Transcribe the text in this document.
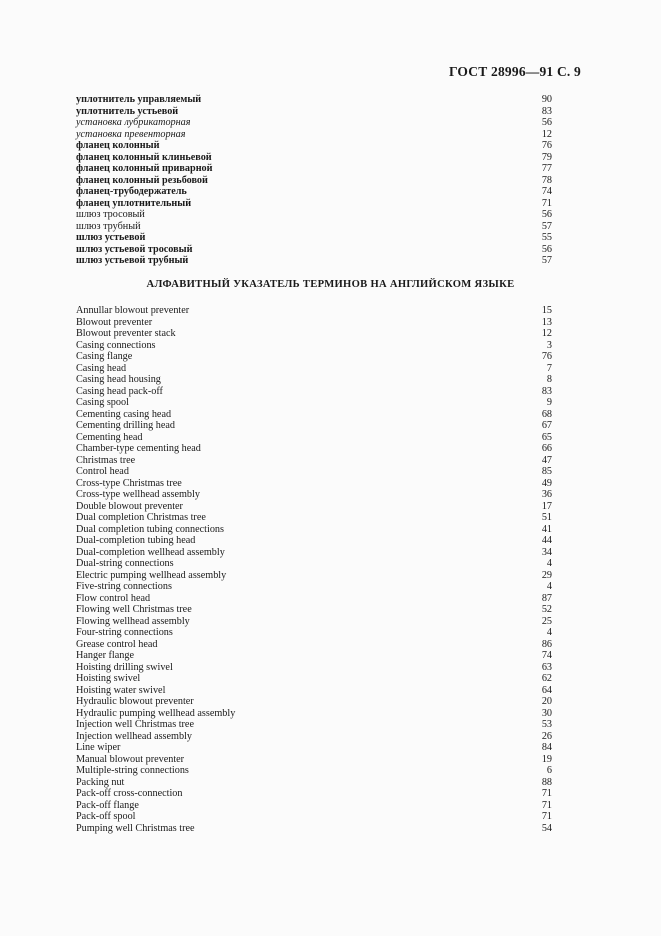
ГОСТ 28996—91 С. 9
уплотнитель управляемый	90
уплотнитель устьевой	83
установка лубрикаторная	56
установка превенторная	12
фланец колонный	76
фланец колонный клиньевой	79
фланец колонный приварной	77
фланец колонный резьбовой	78
фланец-трубодержатель	74
фланец уплотнительный	71
шлюз тросовый	56
шлюз трубный	57
шлюз устьевой	55
шлюз устьевой тросовый	56
шлюз устьевой трубный	57
АЛФАВИТНЫЙ УКАЗАТЕЛЬ ТЕРМИНОВ НА АНГЛИЙСКОМ ЯЗЫКЕ
Annullar blowout preventer	15
Blowout preventer	13
Blowout preventer stack	12
Casing connections	3
Casing flange	76
Casing head	7
Casing head housing	8
Casing head pack-off	83
Casing spool	9
Cementing casing head	68
Cementing drilling head	67
Cementing head	65
Chamber-type cementing head	66
Christmas tree	47
Control head	85
Cross-type Christmas tree	49
Cross-type wellhead assembly	36
Double blowout preventer	17
Dual completion Christmas tree	51
Dual completion tubing connections	41
Dual-completion tubing head	44
Dual-completion wellhead assembly	34
Dual-string connections	4
Electric pumping wellhead assembly	29
Five-string connections	4
Flow control head	87
Flowing well Christmas tree	52
Flowing wellhead assembly	25
Four-string connections	4
Grease control head	86
Hanger flange	74
Hoisting drilling swivel	63
Hoisting swivel	62
Hoisting water swivel	64
Hydraulic blowout preventer	20
Hydraulic pumping wellhead assembly	30
Injection well Christmas tree	53
Injection wellhead assembly	26
Line wiper	84
Manual blowout preventer	19
Multiple-string connections	6
Packing nut	88
Pack-off cross-connection	71
Pack-off flange	71
Pack-off spool	71
Pumping well Christmas tree	54
